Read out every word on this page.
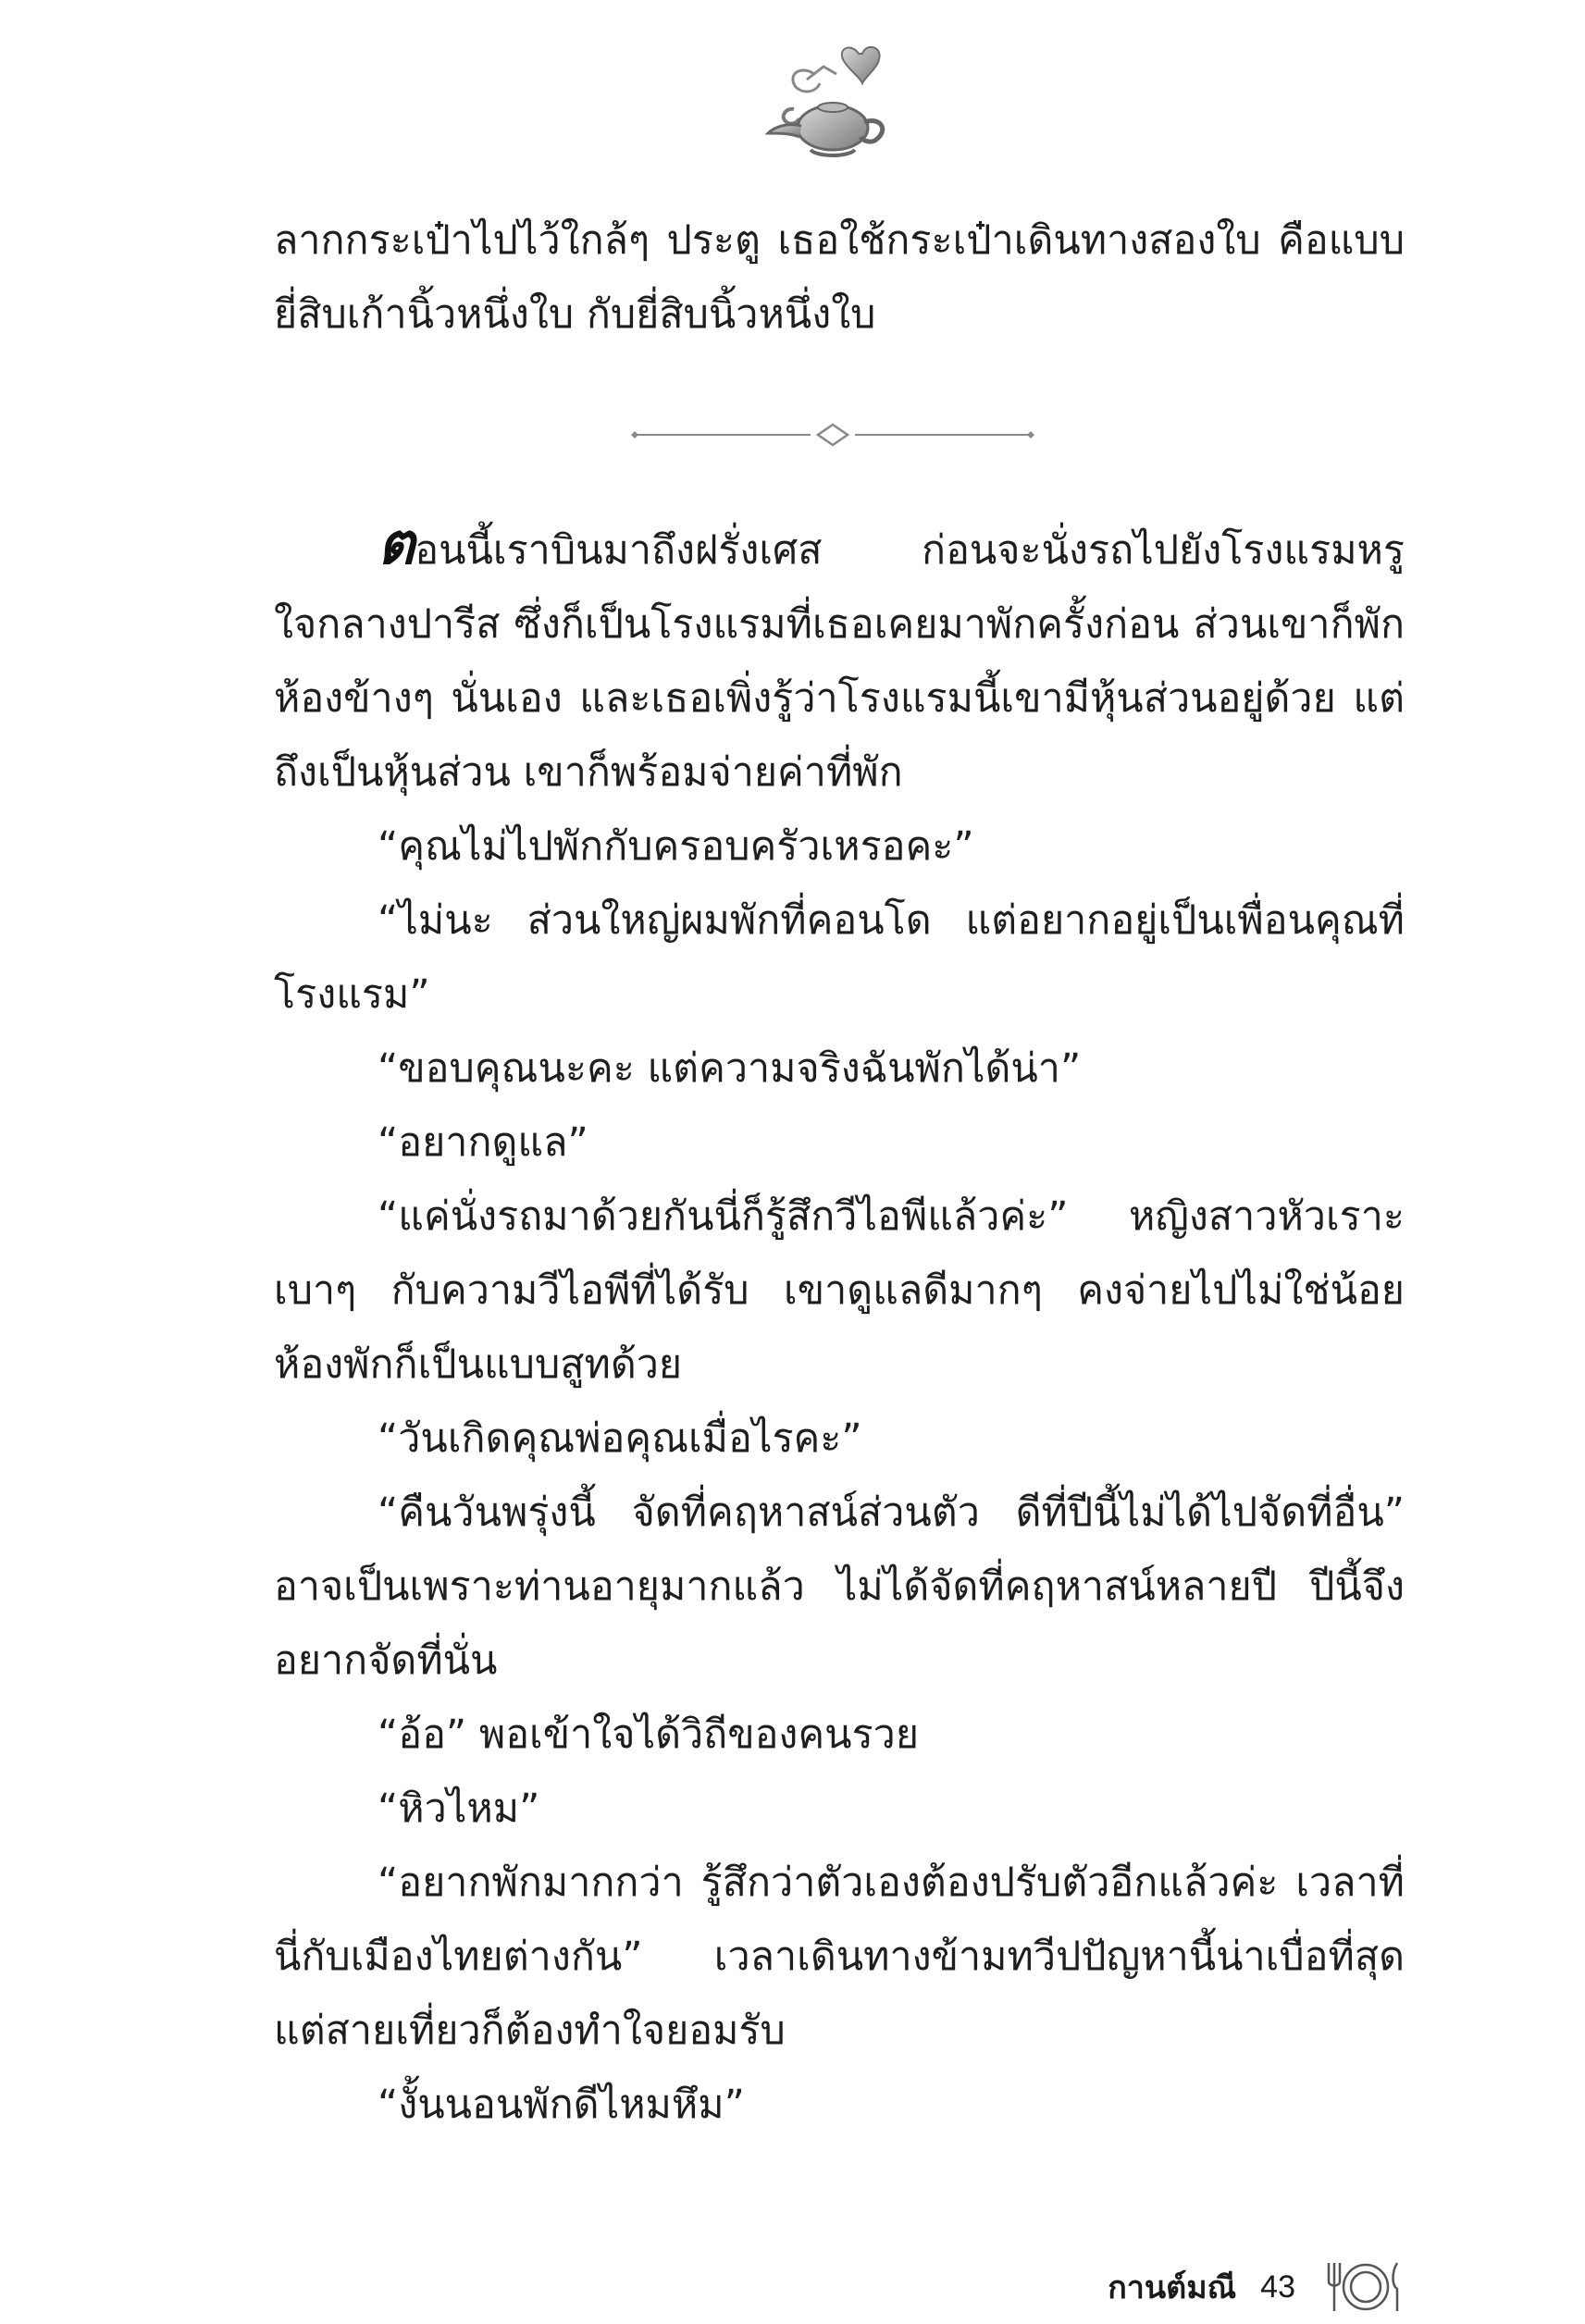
ลากกระเป๋าไปไว้ใกล้ๆ ประตู เธอใช้กระเป๋าเดินทางสองใบ คือแบบยี่สิบเก้านิ้วหนึ่งใบ กับยี่สิบนิ้วหนึ่งใบ

ตอนนี้เราบินมาถึงฝรั่งเศส ก่อนจะนั่งรถไปยังโรงแรมหรูใจกลางปารีส ซึ่งก็เป็นโรงแรมที่เธอเคยมาพักครั้งก่อน ส่วนเขาก็พักห้องข้างๆ นั่นเอง และเธอเพิ่งรู้ว่าโรงแรมนี้เขามีหุ้นส่วนอยู่ด้วย แต่ถึงเป็นหุ้นส่วน เขาก็พร้อมจ่ายค่าที่พัก

“คุณไม่ไปพักกับครอบครัวเหรอคะ”

“ไม่นะ ส่วนใหญ่ผมพักที่คอนโด แต่อยากอยู่เป็นเพื่อนคุณที่โรงแรม”

“ขอบคุณนะคะ แต่ความจริงฉันพักได้น่า”

“อยากดูแล”

“แค่นั่งรถมาด้วยกันนี่ก็รู้สึกวีไอพีแล้วค่ะ” หญิงสาวหัวเราะเบาๆ กับความวีไอพีที่ได้รับ เขาดูแลดีมากๆ คงจ่ายไปไม่ใช่น้อย ห้องพักก็เป็นแบบสูทด้วย

“วันเกิดคุณพ่อคุณเมื่อไรคะ”

“คืนวันพรุ่งนี้ จัดที่คฤหาสน์ส่วนตัว ดีที่ปีนี้ไม่ได้ไปจัดที่อื่น” อาจเป็นเพราะท่านอายุมากแล้ว ไม่ได้จัดที่คฤหาสน์หลายปี ปีนี้จึงอยากจัดที่นั่น

“อ้อ” พอเข้าใจได้วิถีของคนรวย

“หิวไหม”

“อยากพักมากกว่า รู้สึกว่าตัวเองต้องปรับตัวอีกแล้วค่ะ เวลาที่นี่กับเมืองไทยต่างกัน” เวลาเดินทางข้ามทวีปปัญหานี้น่าเบื่อที่สุด แต่สายเที่ยวก็ต้องทำใจยอมรับ

“งั้นนอนพักดีไหมหึม”

กานต์มณี 43
